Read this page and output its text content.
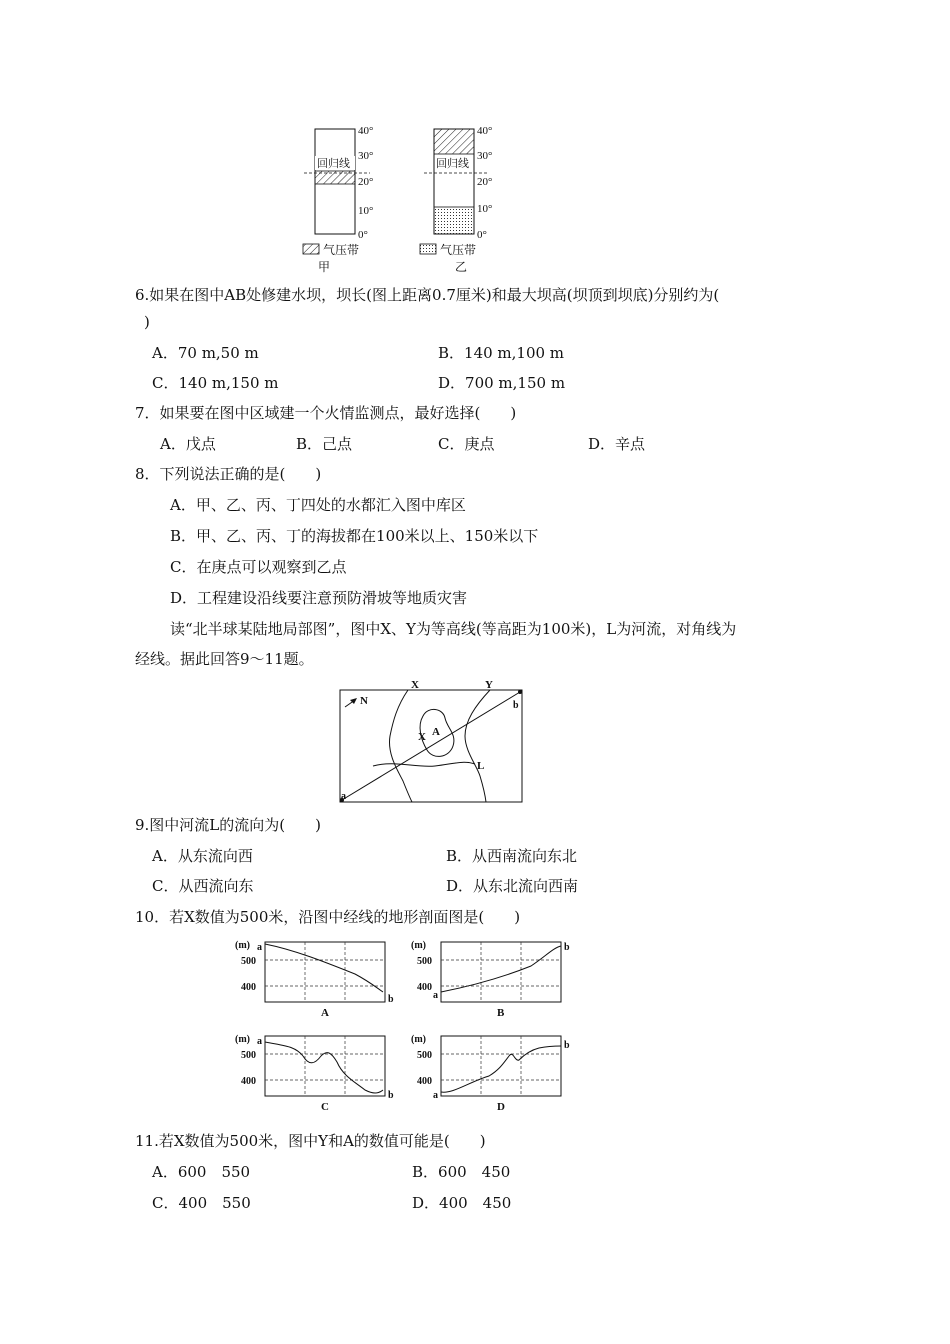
回归线
40°
30°
20°
10°
0°
气压带
甲
回归线
40°
30°
20°
10°
0°
气压带
乙
6.如果在图中AB处修建水坝，坝长(图上距离0.7厘米)和最大坝高(坝顶到坝底)分别约为(
)
A．70 m,50 m	B．140 m,100 m
C．140 m,150 m	D．700 m,150 m
7．如果要在图中区域建一个火情监测点，最好选择(　　)
A．戊点	B．己点	C．庚点	D．辛点
8．下列说法正确的是(　　)
A．甲、乙、丙、丁四处的水都汇入图中库区
B．甲、乙、丙、丁的海拔都在100米以上、150米以下
C．在庚点可以观察到乙点
D．工程建设沿线要注意预防滑坡等地质灾害
读“北半球某陆地局部图”，图中X、Y为等高线(等高距为100米)，L为河流，对角线为
经线。据此回答9～11题。
N
a
b
X	Y
X A
L
9.图中河流L的流向为(　　)
A．从东流向西	B．从西南流向东北
C．从西流向东	D．从东北流向西南
10．若X数值为500米，沿图中经线的地形剖面图是(　　)
(m)
500
400
a
b
A
(m)
500
400
a
b
B
(m)
500
400
a
b
C
(m)
500
400
a
b
D
11.若X数值为500米，图中Y和A的数值可能是(　　)
A．600　550	B．600　450
C．400　550	D．400　450
